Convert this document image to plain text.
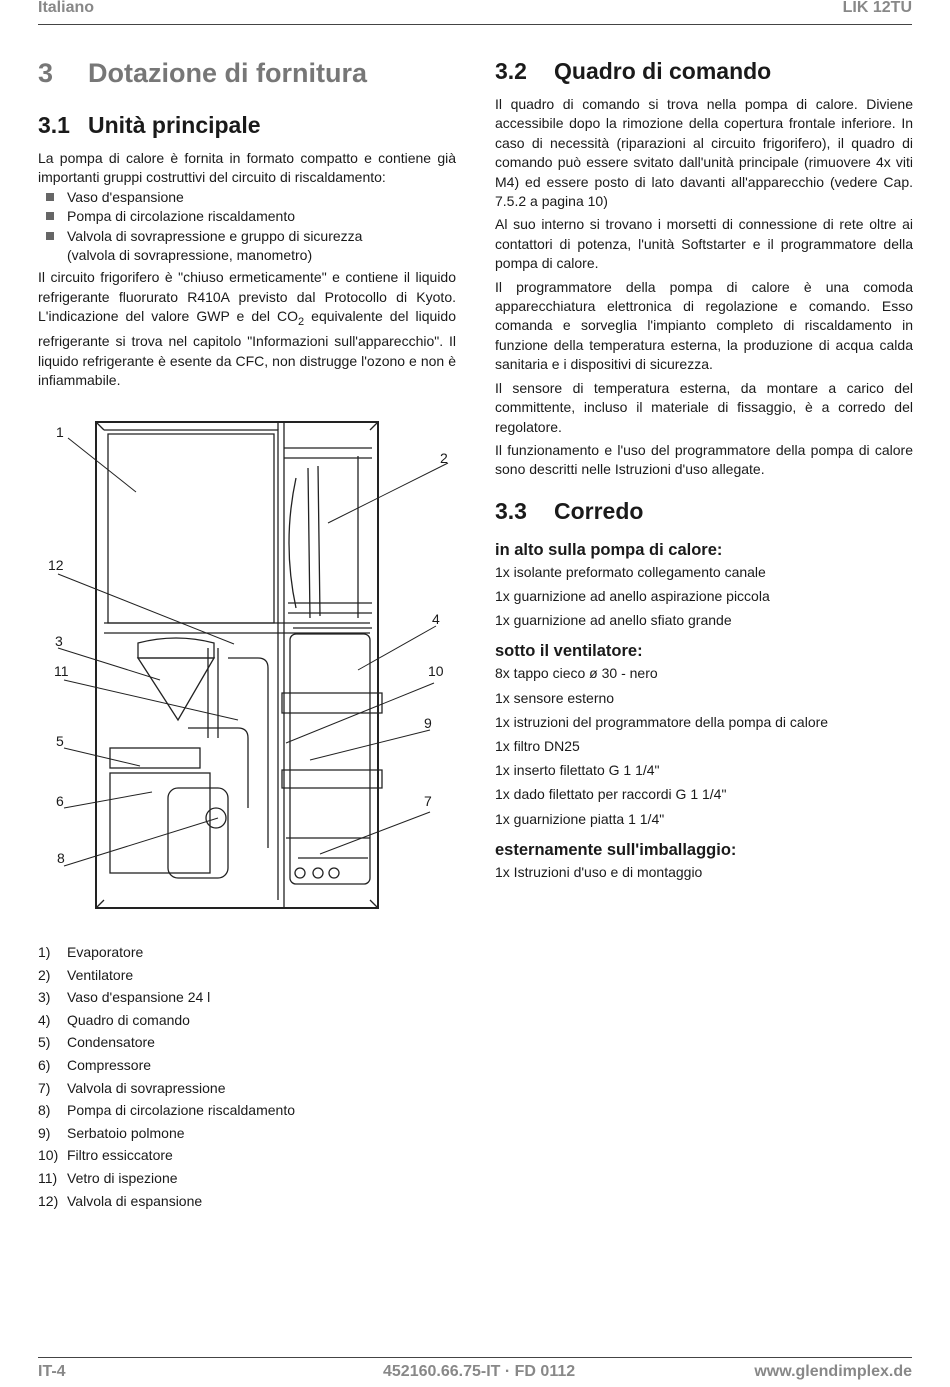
Italiano	LIK 12TU
3 Dotazione di fornitura
3.1 Unità principale

La pompa di calore è fornita in formato compatto e contiene già importanti gruppi costruttivi del circuito di riscaldamento:

Vaso d'espansione
Pompa di circolazione riscaldamento
Valvola di sovrapressione e gruppo di sicurezza
(valvola di sovrapressione, manometro)

Il circuito frigorifero è "chiuso ermeticamente" e contiene il liquido refrigerante fluorurato R410A previsto dal Protocollo di Kyoto. L'indicazione del valore GWP e del $CO_2$ equivalente del liquido refrigerante si trova nel capitolo "Informazioni sull'apparecchio". Il liquido refrigerante è esente da CFC, non distrugge l'ozono e non è infiammabile.

1
2
12
3
4
11	10
9
5
6	7
8
1) Evaporatore
2) Ventilatore
3) Vaso d'espansione 24 l
4) Quadro di comando
5) Condensatore
6) Compressore
7) Valvola di sovrapressione
8) Pompa di circolazione riscaldamento
9) Serbatoio polmone
10) Filtro essiccatore
11) Vetro di ispezione
12) Valvola di espansione
3.2 Quadro di comando

Il quadro di comando si trova nella pompa di calore. Diviene accessibile dopo la rimozione della copertura frontale inferiore. In caso di necessità (riparazioni al circuito frigorifero), il quadro di comando può essere svitato dall'unità principale (rimuovere 4x viti M4) ed essere posto di lato davanti all'apparecchio (vedere Cap. 7.5.2 a pagina 10)

Al suo interno si trovano i morsetti di connessione di rete oltre ai contattori di potenza, l'unità Softstarter e il programmatore della pompa di calore.

Il programmatore della pompa di calore è una comoda apparecchiatura elettronica di regolazione e comando. Esso comanda e sorveglia l'impianto completo di riscaldamento in funzione della temperatura esterna, la produzione di acqua calda sanitaria e i dispositivi di sicurezza.

Il sensore di temperatura esterna, da montare a carico del committente, incluso il materiale di fissaggio, è a corredo del regolatore.

Il funzionamento e l'uso del programmatore della pompa di calore sono descritti nelle Istruzioni d'uso allegate.

3.3 Corredo
in alto sulla pompa di calore:
1x isolante preformato collegamento canale
1x guarnizione ad anello aspirazione piccola
1x guarnizione ad anello sfiato grande
sotto il ventilatore:
8x tappo cieco ø 30 - nero
1x sensore esterno
1x istruzioni del programmatore della pompa di calore
1x filtro DN25
1x inserto filettato G 1 1/4"
1x dado filettato per raccordi G 1 1/4"
1x guarnizione piatta 1 1/4"
esternamente sull'imballaggio:
1x Istruzioni d'uso e di montaggio
IT-4	452160.66.75-IT · FD 0112	www.glendimplex.de
